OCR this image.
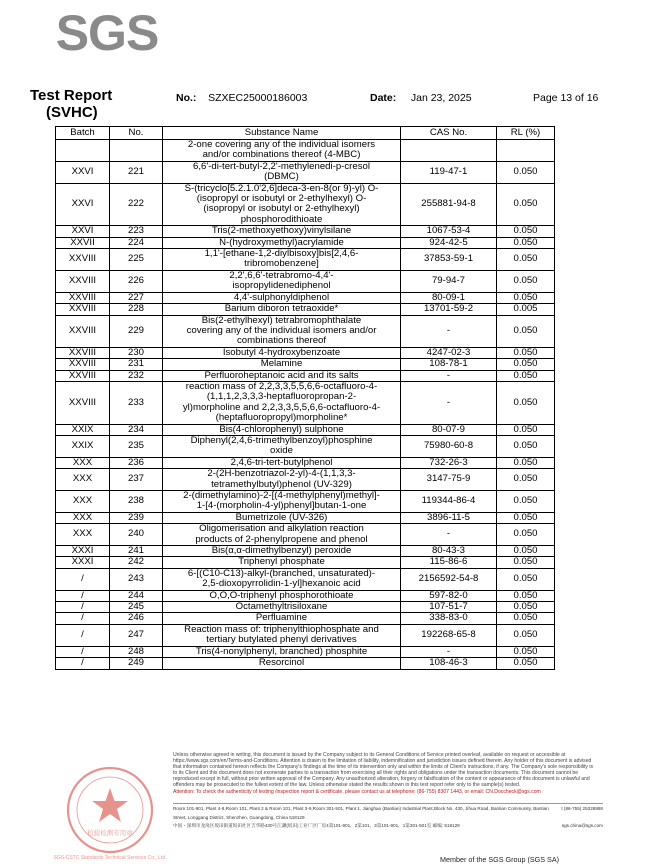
SGS
Test Report
(SVHC)
No.: SZXEC25000186003	Date: Jan 23, 2025	Page 13 of 16
Batch	No.	Substance Name	CAS No.	RL (%)
		2-one covering any of the individual isomers
and/or combinations thereof (4-MBC)		
XXVI	221	6,6'-di-tert-butyl-2,2'-methylenedi-p-cresol
(DBMC)	119-47-1	0.050
XXVI	222	S-(tricyclo[5.2.1.0'2,6]deca-3-en-8(or 9)-yl) O-
(isopropyl or isobutyl or 2-ethylhexyl) O-
(isopropyl or isobutyl or 2-ethylhexyl)
phosphorodithioate	255881-94-8	0.050
XXVI	223	Tris(2-methoxyethoxy)vinylsilane	1067-53-4	0.050
XXVII	224	N-(hydroxymethyl)acrylamide	924-42-5	0.050
XXVIII	225	1,1'-[ethane-1,2-diylbisoxy]bis[2,4,6-
tribromobenzene]	37853-59-1	0.050
XXVIII	226	2,2',6,6'-tetrabromo-4,4'-
isopropylidenediphenol	79-94-7	0.050
XXVIII	227	4,4'-sulphonyldiphenol	80-09-1	0.050
XXVIII	228	Barium diboron tetraoxide*	13701-59-2	0.005
XXVIII	229	Bis(2-ethylhexyl) tetrabromophthalate
covering any of the individual isomers and/or
combinations thereof	-	0.050
XXVIII	230	Isobutyl 4-hydroxybenzoate	4247-02-3	0.050
XXVIII	231	Melamine	108-78-1	0.050
XXVIII	232	Perfluoroheptanoic acid and its salts	-	0.050
XXVIII	233	reaction mass of 2,2,3,3,5,5,6,6-octafluoro-4-
(1,1,1,2,3,3,3-heptafluoropropan-2-
yl)morpholine and 2,2,3,3,5,5,6,6-octafluoro-4-
(heptafluoropropyl)morpholine*	-	0.050
XXIX	234	Bis(4-chlorophenyl) sulphone	80-07-9	0.050
XXIX	235	Diphenyl(2,4,6-trimethylbenzoyl)phosphine
oxide	75980-60-8	0.050
XXX	236	2,4,6-tri-tert-butylphenol	732-26-3	0.050
XXX	237	2-(2H-benzotriazol-2-yl)-4-(1,1,3,3-
tetramethylbutyl)phenol (UV-329)	3147-75-9	0.050
XXX	238	2-(dimethylamino)-2-[(4-methylphenyl)methyl]-
1-[4-(morpholin-4-yl)phenyl]butan-1-one	119344-86-4	0.050
XXX	239	Bumetrizole (UV-326)	3896-11-5	0.050
XXX	240	Oligomerisation and alkylation reaction
products of 2-phenylpropene and phenol	-	0.050
XXXI	241	Bis(α,α-dimethylbenzyl) peroxide	80-43-3	0.050
XXXI	242	Triphenyl phosphate	115-86-6	0.050
/	243	6-[(C10-C13)-alkyl-(branched, unsaturated)-
2,5-dioxopyrrolidin-1-yl]hexanoic acid	2156592-54-8	0.050
/	244	O,O,O-triphenyl phosphorothioate	597-82-0	0.050
/	245	Octamethyltrisiloxane	107-51-7	0.050
/	246	Perfluamine	338-83-0	0.050
/	247	Reaction mass of: triphenylthiophosphate and
tertiary butylated phenyl derivatives	192268-65-8	0.050
/	248	Tris(4-nonylphenyl, branched) phosphite	-	0.050
/	249	Resorcinol	108-46-3	0.050
检验检测专用章
SGS-CSTC Standards Technical Services Co., Ltd.
Unless otherwise agreed in writing, this document is issued by the Company subject to its General Conditions of Service printed overleaf, available on request or accessible at https://www.sgs.com/en/Terms-and-Conditions. Attention is drawn to the limitation of liability, indemnification and jurisdiction issues defined therein. Any holder of this document is advised that information contained hereon reflects the Company's findings at the time of its intervention only and within the limits of Client's instructions, if any. The Company's sole responsibility is to its Client and this document does not exonerate parties to a transaction from exercising all their rights and obligations under the transaction documents. This document cannot be reproduced except in full, without prior written approval of the Company. Any unauthorized alteration, forgery or falsification of the content or appearance of this document is unlawful and offenders may be prosecuted to the fullest extent of the law. Unless otherwise stated the results shown in this test report refer only to the sample(s) tested.
Attention: To check the authenticity of testing /inspection report & certificate, please contact us at telephone: (86-755) 8307 1443, or email: CN.Doccheck@sgs.com
Room 101-901, Plant 4-8,Room 101, Plant 2 & Room 101, Plant 3-9,Room 301-501, Plant 1, Jianghao (Bantian) Industrial Plant,Block No. 430, Jihua Road, Bantian Community, Bantian Street, Longgang District, Shenzhen, Guangdong, China 518129
t (86-755) 25328888
中国・深圳市龙岗区坂田街道坂田社区吉华路430号江灏(坂田)工业厂区厂房4第101-901，2第101，3第101-901，1第301-501室 邮编: 518129	sgs.china@sgs.com
Member of the SGS Group (SGS SA)
